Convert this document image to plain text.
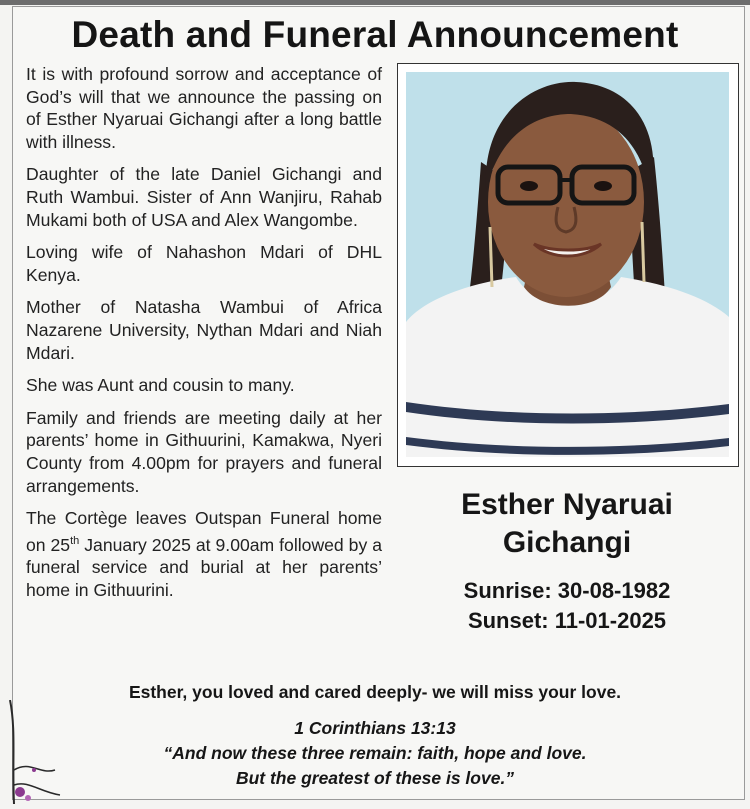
Death and Funeral Announcement

It is with profound sorrow and acceptance of God’s will that we announce the passing on of Esther Nyaruai Gichangi after a long battle with illness.

Daughter of the late Daniel Gichangi and Ruth Wambui. Sister of Ann Wanjiru, Rahab Mukami both of USA and Alex Wangombe.

Loving wife of Nahashon Mdari of DHL Kenya.

Mother of Natasha Wambui of Africa Nazarene University, Nythan Mdari and Niah Mdari.

She was Aunt and cousin to many.

Family and friends are meeting daily at her parents’ home in Githuurini, Kamakwa, Nyeri County from 4.00pm for prayers and funeral arrangements.

The Cortège leaves Outspan Funeral home on 25th January 2025 at 9.00am followed by a funeral service and burial at her parents’ home in Githuurini.

Esther Nyaruai
Gichangi
Sunrise: 30-08-1982
Sunset: 11-01-2025
Esther, you loved and cared deeply- we will miss your love.
1 Corinthians 13:13
“And now these three remain: faith, hope and love.
But the greatest of these is love.”
